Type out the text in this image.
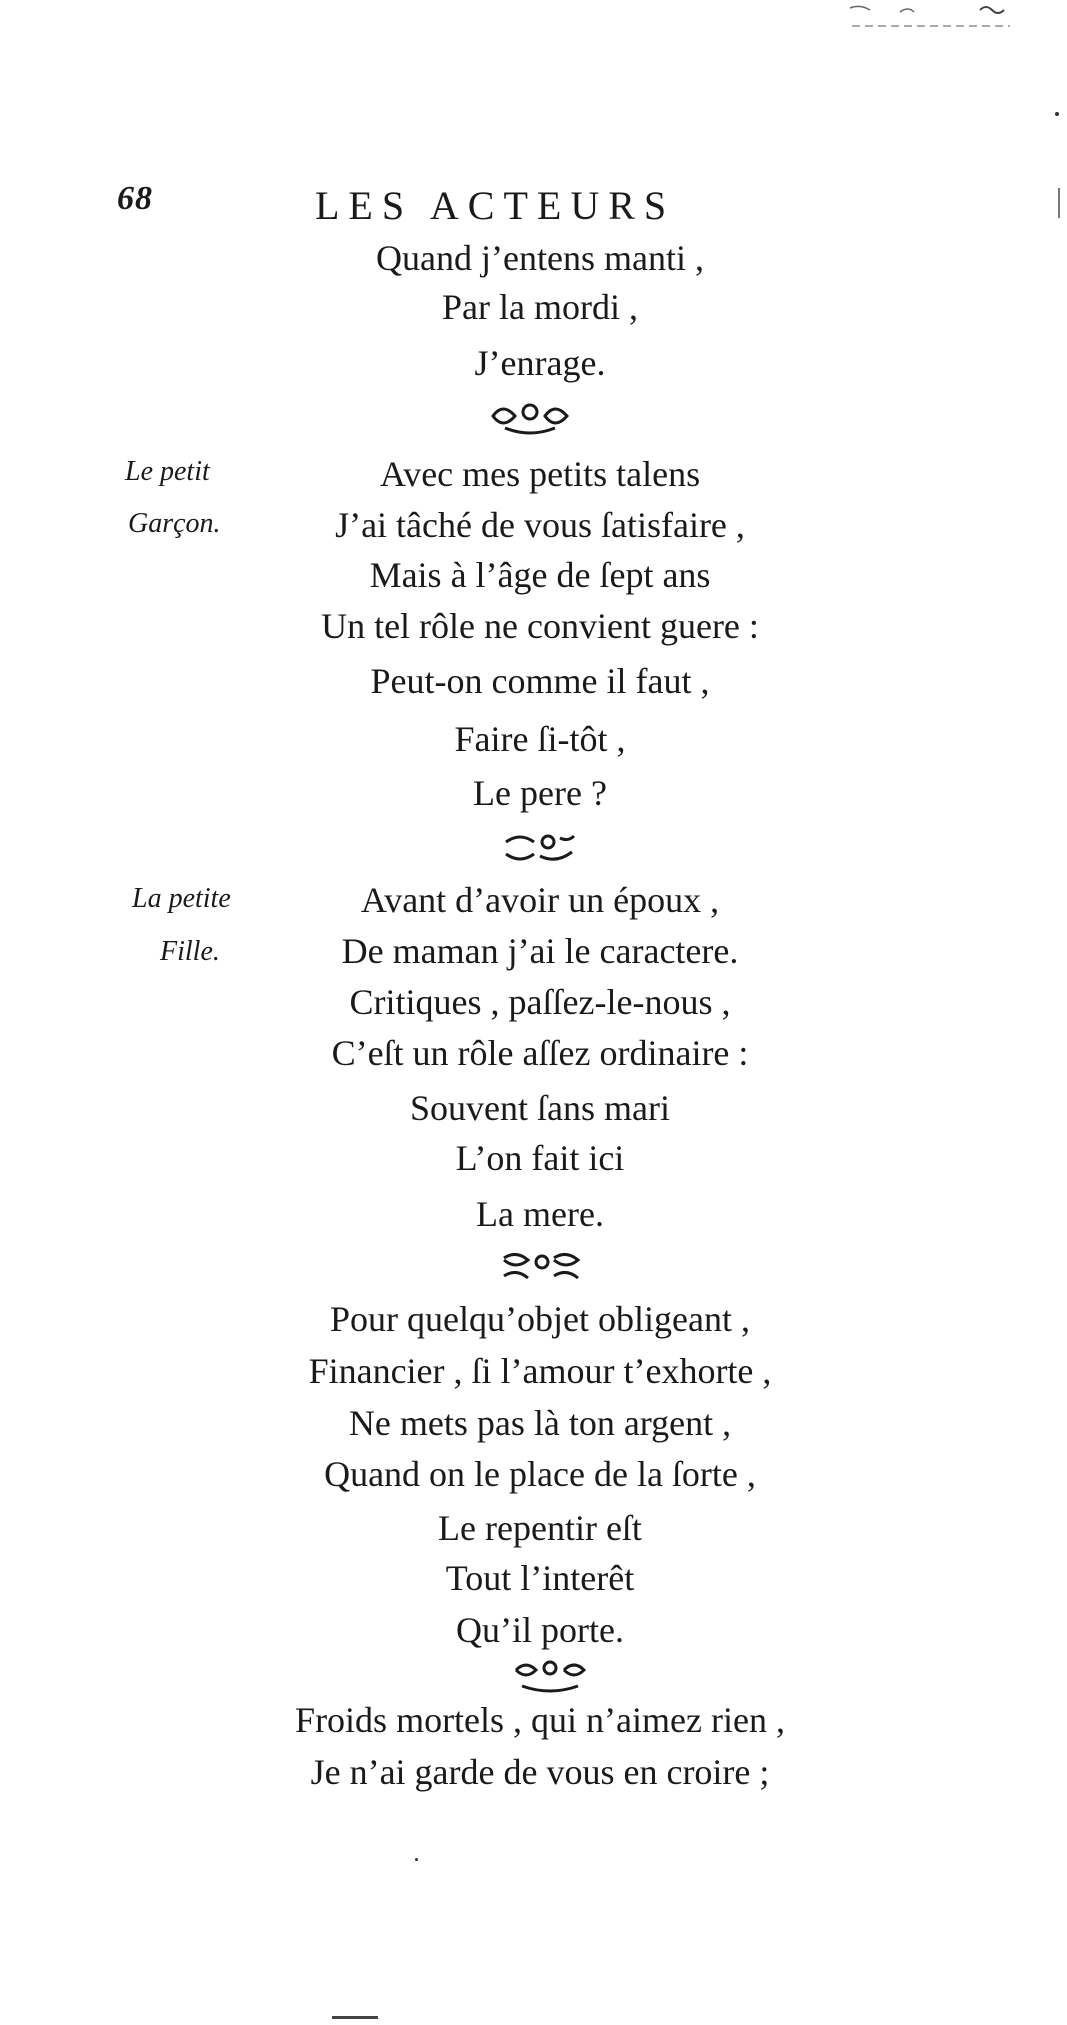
68	LES ACTEURS
Quand j’entens manti ,
Par la mordi ,
J’enrage.
Le petit
Garçon.
Avec mes petits talens
J’ai tâché de vous ſatisfaire ,
Mais à l’âge de ſept ans
Un tel rôle ne convient guere :
Peut-on comme il faut ,
Faire ſi-tôt ,
Le pere ?
La petite
Fille.
Avant d’avoir un époux ,
De maman j’ai le caractere.
Critiques , paſſez-le-nous ,
C’eſt un rôle aſſez ordinaire :
Souvent ſans mari
L’on fait ici
La mere.
Pour quelqu’objet obligeant ,
Financier , ſi l’amour t’exhorte ,
Ne mets pas là ton argent ,
Quand on le place de la ſorte ,
Le repentir eſt
Tout l’interêt
Qu’il porte.
Froids mortels , qui n’aimez rien ,
Je n’ai garde de vous en croire ;
